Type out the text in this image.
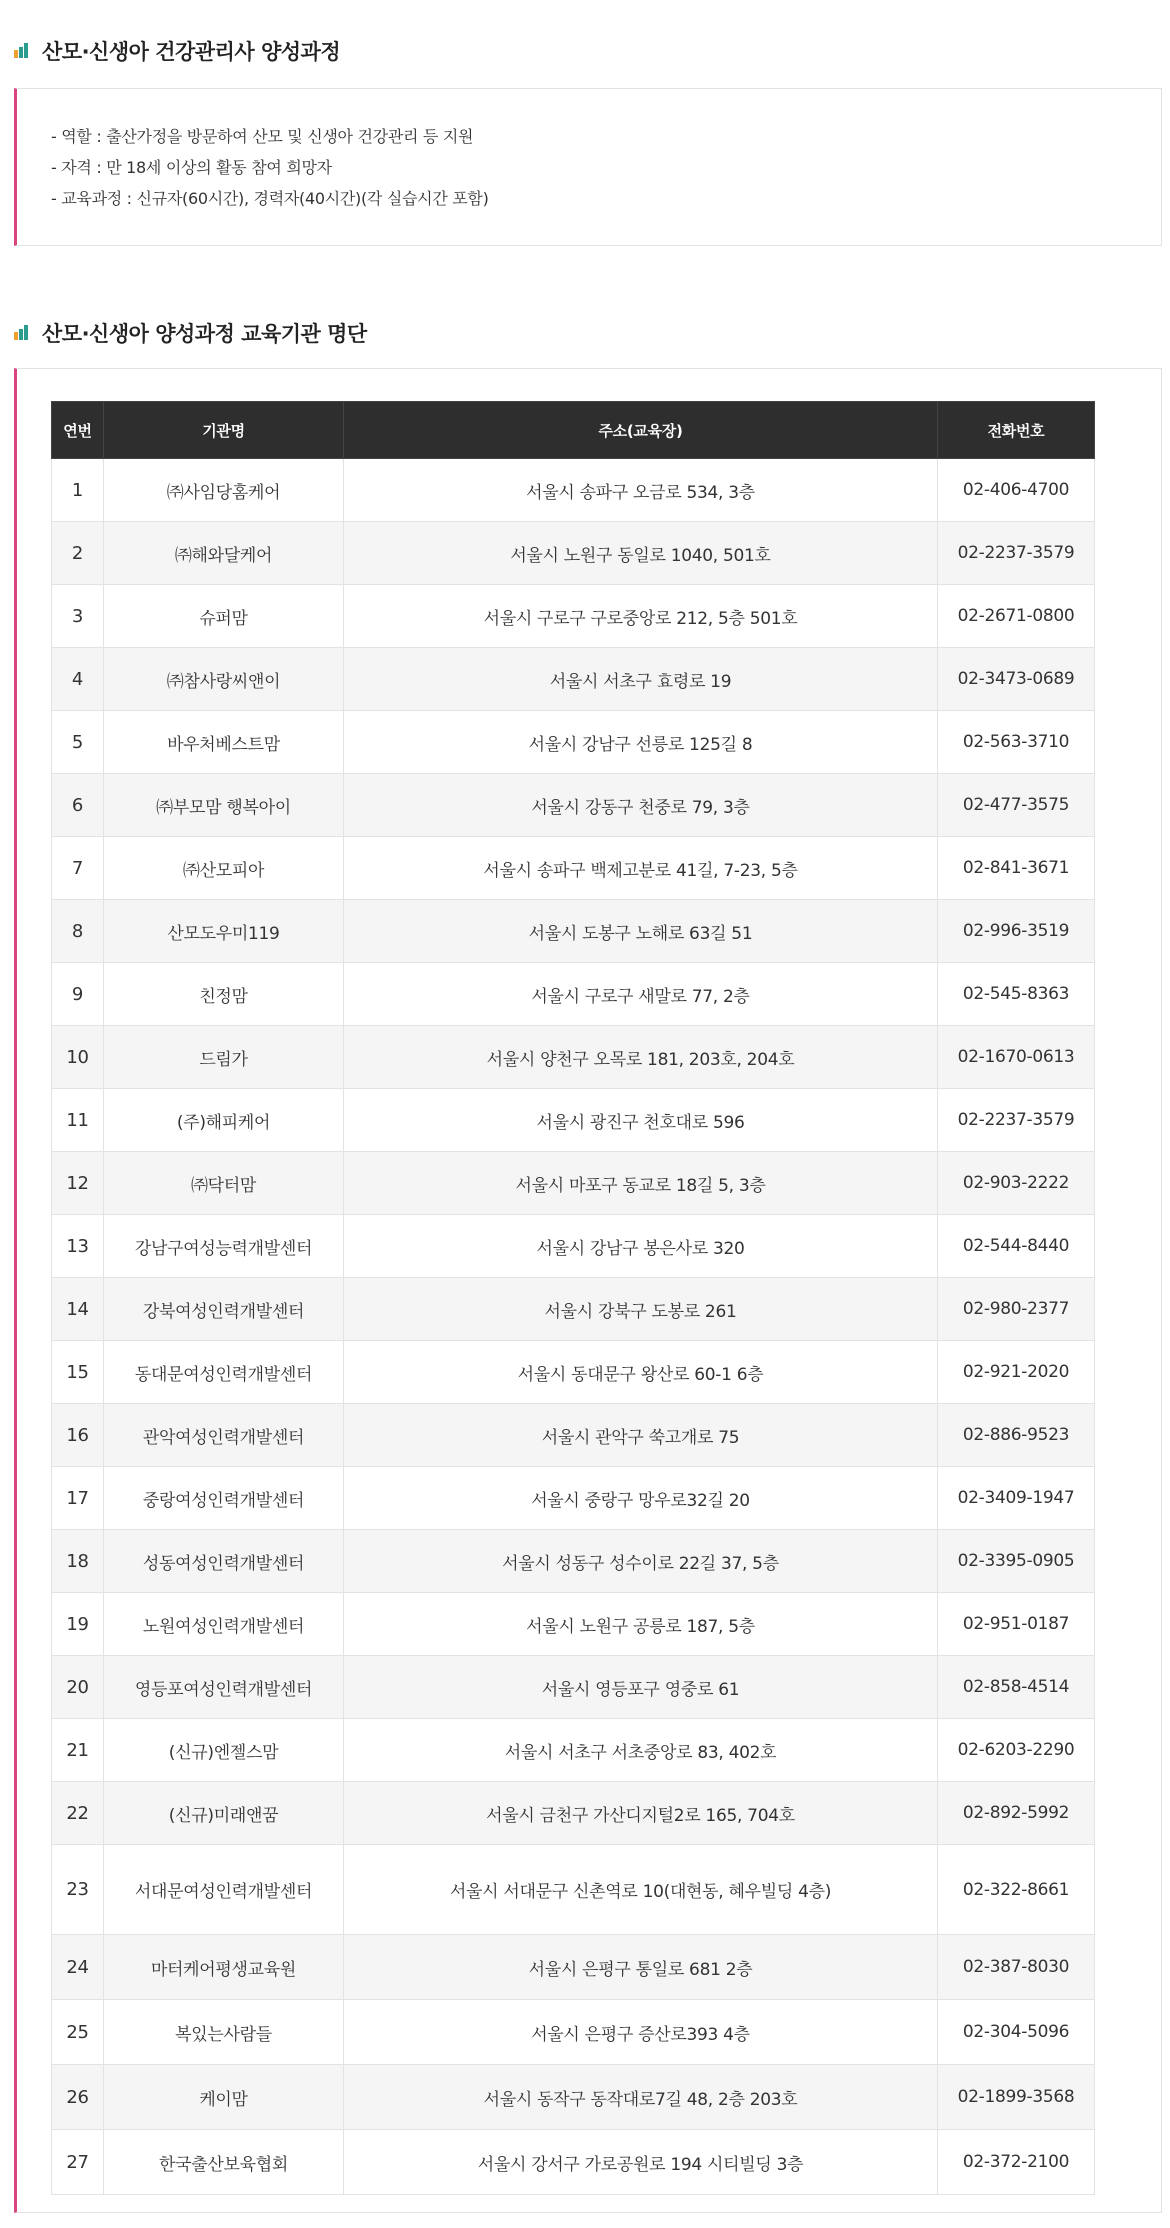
산모·신생아 건강관리사 양성과정
- 역할 : 출산가정을 방문하여 산모 및 신생아 건강관리 등 지원
- 자격 : 만 18세 이상의 활동 참여 희망자
- 교육과정 : 신규자(60시간), 경력자(40시간)(각 실습시간 포함)
산모·신생아 양성과정 교육기관 명단
연번	기관명	주소(교육장)	전화번호
1	㈜사임당홈케어	서울시 송파구 오금로 534, 3층	02-406-4700
2	㈜해와달케어	서울시 노원구 동일로 1040, 501호	02-2237-3579
3	슈퍼맘	서울시 구로구 구로중앙로 212, 5층 501호	02-2671-0800
4	㈜참사랑씨앤이	서울시 서초구 효령로 19	02-3473-0689
5	바우처베스트맘	서울시 강남구 선릉로 125길 8	02-563-3710
6	㈜부모맘 행복아이	서울시 강동구 천중로 79, 3층	02-477-3575
7	㈜산모피아	서울시 송파구 백제고분로 41길, 7-23, 5층	02-841-3671
8	산모도우미119	서울시 도봉구 노해로 63길 51	02-996-3519
9	친정맘	서울시 구로구 새말로 77, 2층	02-545-8363
10	드림가	서울시 양천구 오목로 181, 203호, 204호	02-1670-0613
11	(주)해피케어	서울시 광진구 천호대로 596	02-2237-3579
12	㈜닥터맘	서울시 마포구 동교로 18길 5, 3층	02-903-2222
13	강남구여성능력개발센터	서울시 강남구 봉은사로 320	02-544-8440
14	강북여성인력개발센터	서울시 강북구 도봉로 261	02-980-2377
15	동대문여성인력개발센터	서울시 동대문구 왕산로 60-1 6층	02-921-2020
16	관악여성인력개발센터	서울시 관악구 쑥고개로 75	02-886-9523
17	중랑여성인력개발센터	서울시 중랑구 망우로32길 20	02-3409-1947
18	성동여성인력개발센터	서울시 성동구 성수이로 22길 37, 5층	02-3395-0905
19	노원여성인력개발센터	서울시 노원구 공릉로 187, 5층	02-951-0187
20	영등포여성인력개발센터	서울시 영등포구 영중로 61	02-858-4514
21	(신규)엔젤스맘	서울시 서초구 서초중앙로 83, 402호	02-6203-2290
22	(신규)미래앤꿈	서울시 금천구 가산디지털2로 165, 704호	02-892-5992
23	서대문여성인력개발센터	서울시 서대문구 신촌역로 10(대현동, 혜우빌딩 4층)	02-322-8661
24	마터케어평생교육원	서울시 은평구 통일로 681 2층	02-387-8030
25	복있는사람들	서울시 은평구 증산로393 4층	02-304-5096
26	케이맘	서울시 동작구 동작대로7길 48, 2층 203호	02-1899-3568
27	한국출산보육협회	서울시 강서구 가로공원로 194 시티빌딩 3층	02-372-2100
